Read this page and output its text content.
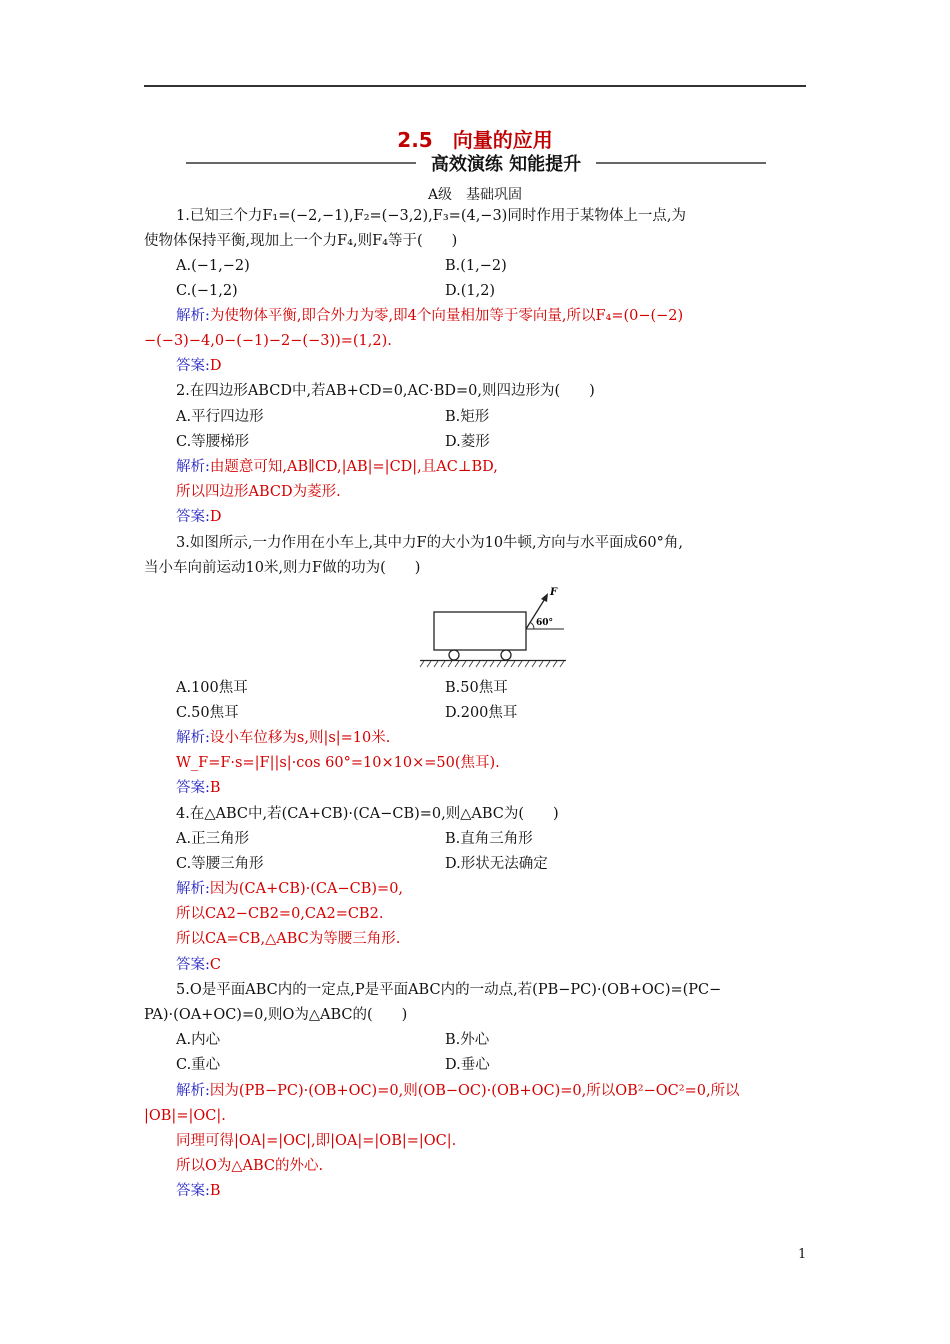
2.5　向量的应用
高效演练 知能提升
A级　基础巩固
1.已知三个力F₁=(−2,−1),F₂=(−3,2),F₃=(4,−3)同时作用于某物体上一点,为
使物体保持平衡,现加上一个力F₄,则F₄等于(　　)
A.(−1,−2)	B.(1,−2)
C.(−1,2)	D.(1,2)
解析:为使物体平衡,即合外力为零,即4个向量相加等于零向量,所以F₄=(0−(−2)
−(−3)−4,0−(−1)−2−(−3))=(1,2).
答案:D
2.在四边形ABCD中,若AB+CD=0,AC·BD=0,则四边形为(　　)
A.平行四边形	B.矩形
C.等腰梯形	D.菱形
解析:由题意可知,AB∥CD,|AB|=|CD|,且AC⊥BD,
所以四边形ABCD为菱形.
答案:D
3.如图所示,一力作用在小车上,其中力F的大小为10牛顿,方向与水平面成60°角,
当小车向前运动10米,则力F做的功为(　　)
F
60°
A.100焦耳	B.50焦耳
C.50焦耳	D.200焦耳
解析:设小车位移为s,则|s|=10米.
W_F=F·s=|F||s|·cos 60°=10×10×=50(焦耳).
答案:B
4.在△ABC中,若(CA+CB)·(CA−CB)=0,则△ABC为(　　)
A.正三角形	B.直角三角形
C.等腰三角形	D.形状无法确定
解析:因为(CA+CB)·(CA−CB)=0,
所以CA2−CB2=0,CA2=CB2.
所以CA=CB,△ABC为等腰三角形.
答案:C
5.O是平面ABC内的一定点,P是平面ABC内的一动点,若(PB−PC)·(OB+OC)=(PC−
PA)·(OA+OC)=0,则O为△ABC的(　　)
A.内心	B.外心
C.重心	D.垂心
解析:因为(PB−PC)·(OB+OC)=0,则(OB−OC)·(OB+OC)=0,所以OB²−OC²=0,所以
|OB|=|OC|.
同理可得|OA|=|OC|,即|OA|=|OB|=|OC|.
所以O为△ABC的外心.
答案:B
1
